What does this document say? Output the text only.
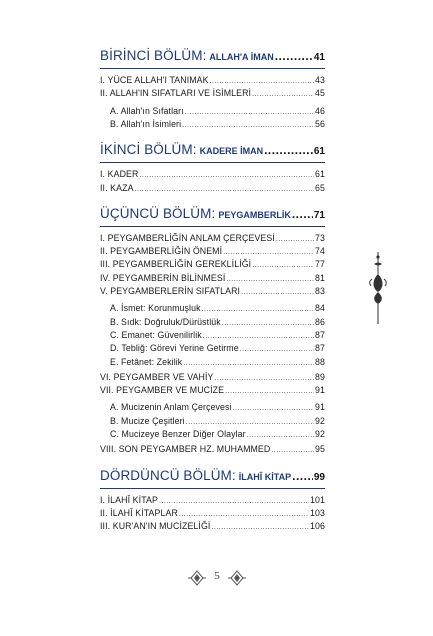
BİRİNCİ BÖLÜM: ALLAH'A İMAN .....	41
I. YÜCE ALLAH'I TANIMAK .....	43
II. ALLAH'IN SIFATLARI VE İSİMLERİ .....	45
A. Allah'ın Sıfatları .....	46
B. Allah'ın İsimleri .....	56
İKİNCİ BÖLÜM: KADERE İMAN .....	61
I. KADER .....	61
II. KAZA .....	65
ÜÇÜNCÜ BÖLÜM: PEYGAMBERLİK ..... 71
I. PEYGAMBERLİĞİN ANLAM ÇERÇEVESİ .....	73
II. PEYGAMBERLİĞİN ÖNEMİ .....	74
III. PEYGAMBERLİĞİN GEREKLİLİĞİ .....	77
IV. PEYGAMBERİN BİLİNMESİ .....	81
V. PEYGAMBERLERİN SIFATLARI .....	83
A. İsmet: Korunmuşluk .....	84
B. Sıdk: Doğruluk/Dürüstlük .....	86
C. Emanet: Güvenilirlik .....	87
D. Tebliğ: Görevi Yerine Getirme .....	87
E. Fetânet: Zekilik .....	88
VI. PEYGAMBER VE VAHİY .....	89
VII. PEYGAMBER VE MUCİZE .....	91
A. Mucizenin Anlam Çerçevesi .....	91
B. Mucize Çeşitleri .....	92
C. Mucizeye Benzer Diğer Olaylar .....	92
VIII. SON PEYGAMBER HZ. MUHAMMED .....	95
DÖRDÜNCÜ BÖLÜM: İLAHÎ KİTAP ..... 99
I. İLAHÎ KİTAP .....	101
II. İLAHÎ KİTAPLAR .....	103
III. KUR'AN'IN MUCİZELİĞİ .....	106
5
